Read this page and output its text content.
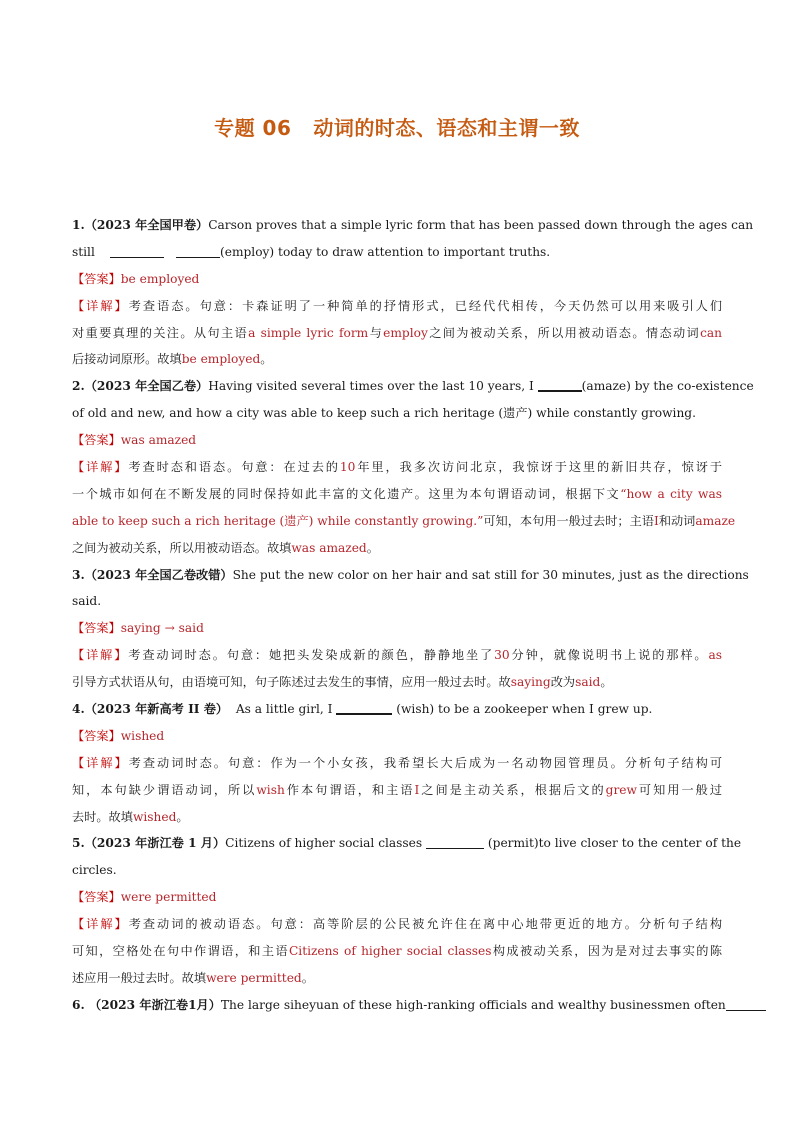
专题 06 动词的时态、语态和主谓一致
1.（2023 年全国甲卷）Carson proves that a simple lyric form that has been passed down through the ages can
still	(employ) today to draw attention to important truths.
【答案】be employed
【详解】考查语态。句意：卡森证明了一种简单的抒情形式，已经代代相传，今天仍然可以用来吸引人们
对重要真理的关注。从句主语a simple lyric form与employ之间为被动关系，所以用被动语态。情态动词can
后接动词原形。故填be employed。
2.（2023 年全国乙卷）Having visited several times over the last 10 years, I	(amaze) by the co-existence
of old and new, and how a city was able to keep such a rich heritage (遗产) while constantly growing.
【答案】was amazed
【详解】考查时态和语态。句意：在过去的10年里，我多次访问北京，我惊讶于这里的新旧共存，惊讶于
一个城市如何在不断发展的同时保持如此丰富的文化遗产。这里为本句谓语动词，根据下文“how a city was
able to keep such a rich heritage (遗产) while constantly growing.”可知，本句用一般过去时；主语I和动词amaze
之间为被动关系，所以用被动语态。故填was amazed。
3.（2023 年全国乙卷改错）She put the new color on her hair and sat still for 30 minutes, just as the directions
said.
【答案】saying → said
【详解】考查动词时态。句意：她把头发染成新的颜色，静静地坐了30分钟，就像说明书上说的那样。as
引导方式状语从句，由语境可知，句子陈述过去发生的事情，应用一般过去时。故saying改为said。
4.（2023 年新高考 II 卷） As a little girl, I	(wish) to be a zookeeper when I grew up.
【答案】wished
【详解】考查动词时态。句意：作为一个小女孩，我希望长大后成为一名动物园管理员。分析句子结构可
知，本句缺少谓语动词，所以wish作本句谓语，和主语I之间是主动关系，根据后文的grew可知用一般过
去时。故填wished。
5.（2023 年浙江卷 1 月）Citizens of higher social classes	(permit)to live closer to the center of the
circles.
【答案】were permitted
【详解】考查动词的被动语态。句意：高等阶层的公民被允许住在离中心地带更近的地方。分析句子结构
可知，空格处在句中作谓语，和主语Citizens of higher social classes构成被动关系，因为是对过去事实的陈
述应用一般过去时。故填were permitted。
6. （2023 年浙江卷1月）The large siheyuan of these high-ranking officials and wealthy businessmen often
